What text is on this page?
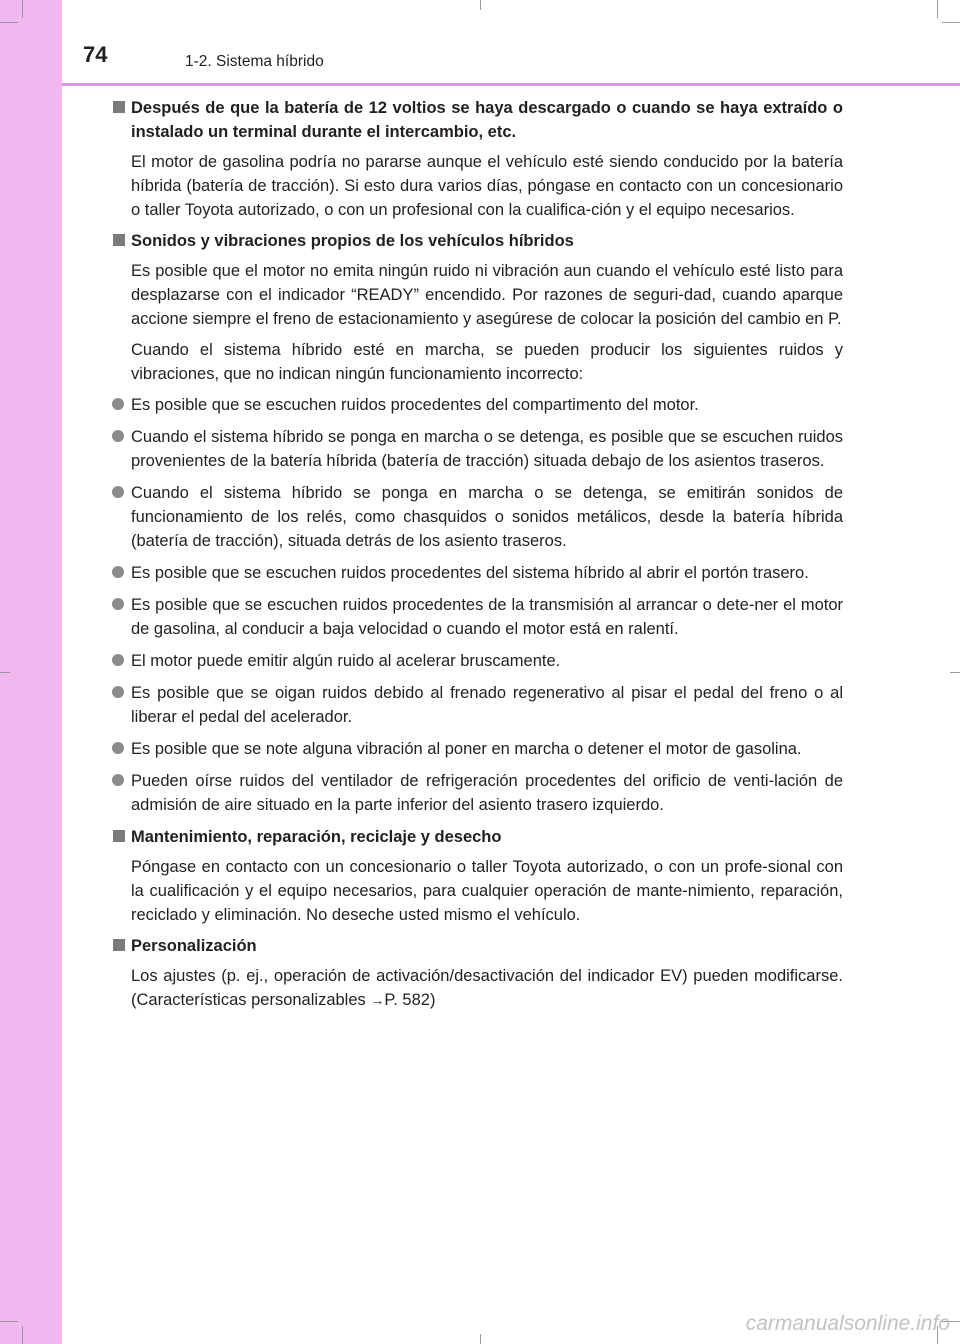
74	1-2. Sistema híbrido
Después de que la batería de 12 voltios se haya descargado o cuando se haya extraído o instalado un terminal durante el intercambio, etc.

El motor de gasolina podría no pararse aunque el vehículo esté siendo conducido por la batería híbrida (batería de tracción). Si esto dura varios días, póngase en contacto con un concesionario o taller Toyota autorizado, o con un profesional con la cualifica-ción y el equipo necesarios.

Sonidos y vibraciones propios de los vehículos híbridos

Es posible que el motor no emita ningún ruido ni vibración aun cuando el vehículo esté listo para desplazarse con el indicador “READY” encendido. Por razones de seguri-dad, cuando aparque accione siempre el freno de estacionamiento y asegúrese de colocar la posición del cambio en P.

Cuando el sistema híbrido esté en marcha, se pueden producir los siguientes ruidos y vibraciones, que no indican ningún funcionamiento incorrecto:

Es posible que se escuchen ruidos procedentes del compartimento del motor.
Cuando el sistema híbrido se ponga en marcha o se detenga, es posible que se escuchen ruidos provenientes de la batería híbrida (batería de tracción) situada debajo de los asientos traseros.
Cuando el sistema híbrido se ponga en marcha o se detenga, se emitirán sonidos de funcionamiento de los relés, como chasquidos o sonidos metálicos, desde la batería híbrida (batería de tracción), situada detrás de los asiento traseros.
Es posible que se escuchen ruidos procedentes del sistema híbrido al abrir el portón trasero.
Es posible que se escuchen ruidos procedentes de la transmisión al arrancar o dete-ner el motor de gasolina, al conducir a baja velocidad o cuando el motor está en ralentí.
El motor puede emitir algún ruido al acelerar bruscamente.
Es posible que se oigan ruidos debido al frenado regenerativo al pisar el pedal del freno o al liberar el pedal del acelerador.
Es posible que se note alguna vibración al poner en marcha o detener el motor de gasolina.
Pueden oírse ruidos del ventilador de refrigeración procedentes del orificio de venti-lación de admisión de aire situado en la parte inferior del asiento trasero izquierdo.
Mantenimiento, reparación, reciclaje y desecho

Póngase en contacto con un concesionario o taller Toyota autorizado, o con un profe-sional con la cualificación y el equipo necesarios, para cualquier operación de mante-nimiento, reparación, reciclado y eliminación. No deseche usted mismo el vehículo.

Personalización

Los ajustes (p. ej., operación de activación/desactivación del indicador EV) pueden modificarse. (Características personalizables →P. 582)

carmanualsonline.info
